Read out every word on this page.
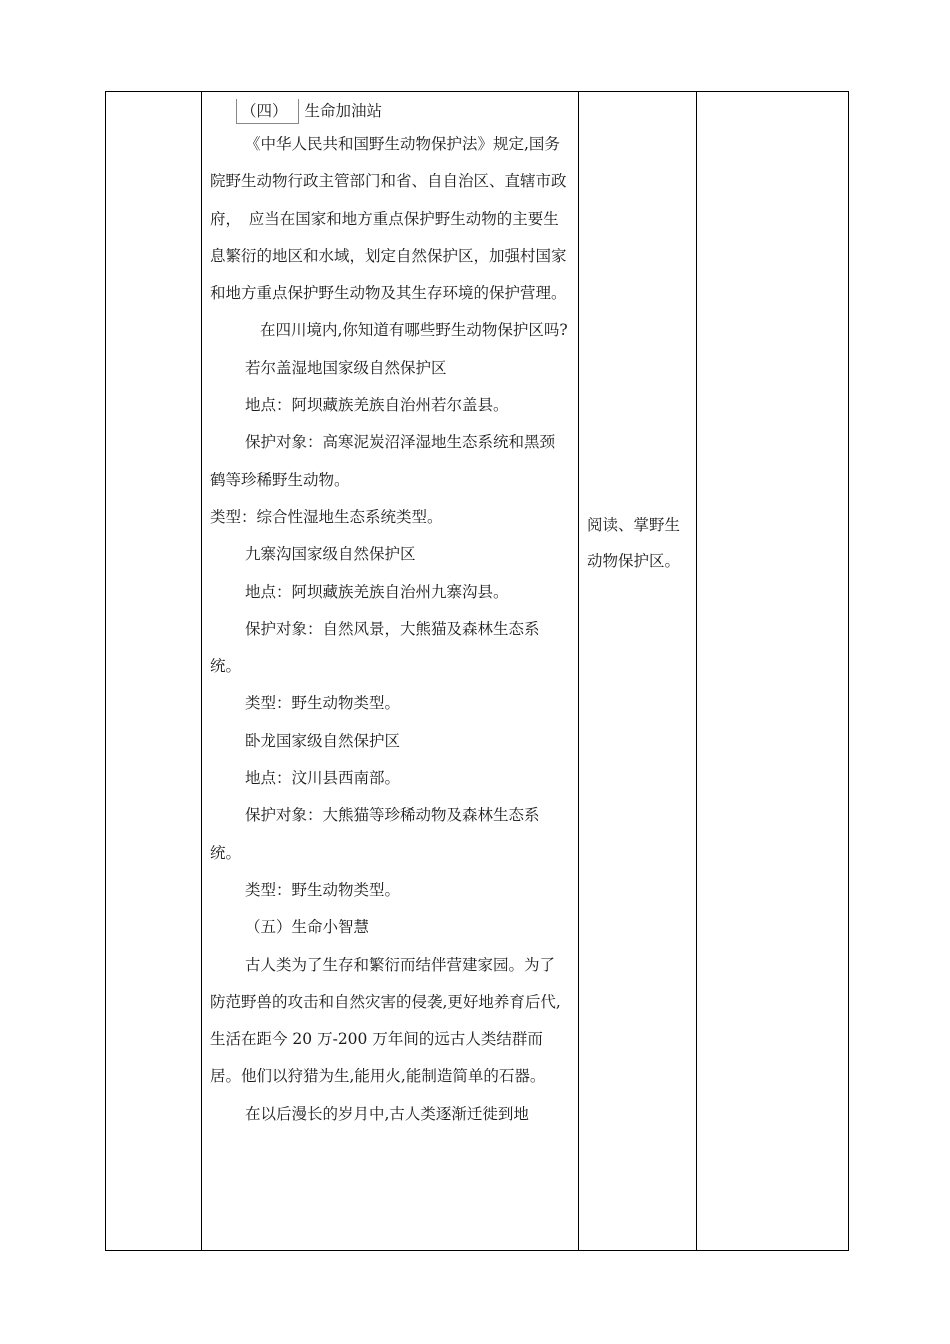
（四） 生命加油站

《中华人民共和国野生动物保护法》规定,国务院野生动物行政主管部门和省、自自治区、直辖市政府，　应当在国家和地方重点保护野生动物的主要生息繁衍的地区和水域，划定自然保护区，加强村国家和地方重点保护野生动物及其生存环境的保护营理。

在四川境内,你知道有哪些野生动物保护区吗?

若尔盖湿地国家级自然保护区

地点：阿坝藏族羌族自治州若尔盖县。

保护对象：高寒泥炭沼泽湿地生态系统和黑颈鹤等珍稀野生动物。

类型：综合性湿地生态系统类型。

九寨沟国家级自然保护区

地点：阿坝藏族羌族自治州九寨沟县。

保护对象：自然风景，大熊猫及森林生态系统。

类型：野生动物类型。

卧龙国家级自然保护区

地点：汶川县西南部。

保护对象：大熊猫等珍稀动物及森林生态系统。

类型：野生动物类型。

（五）生命小智慧

古人类为了生存和繁衍而结伴营建家园。为了防范野兽的攻击和自然灾害的侵袭,更好地养育后代,生活在距今 20 万-200 万年间的远古人类结群而居。他们以狩猎为生,能用火,能制造简单的石器。

在以后漫长的岁月中,古人类逐渐迁徙到地

阅读、掌野生动物保护区。
